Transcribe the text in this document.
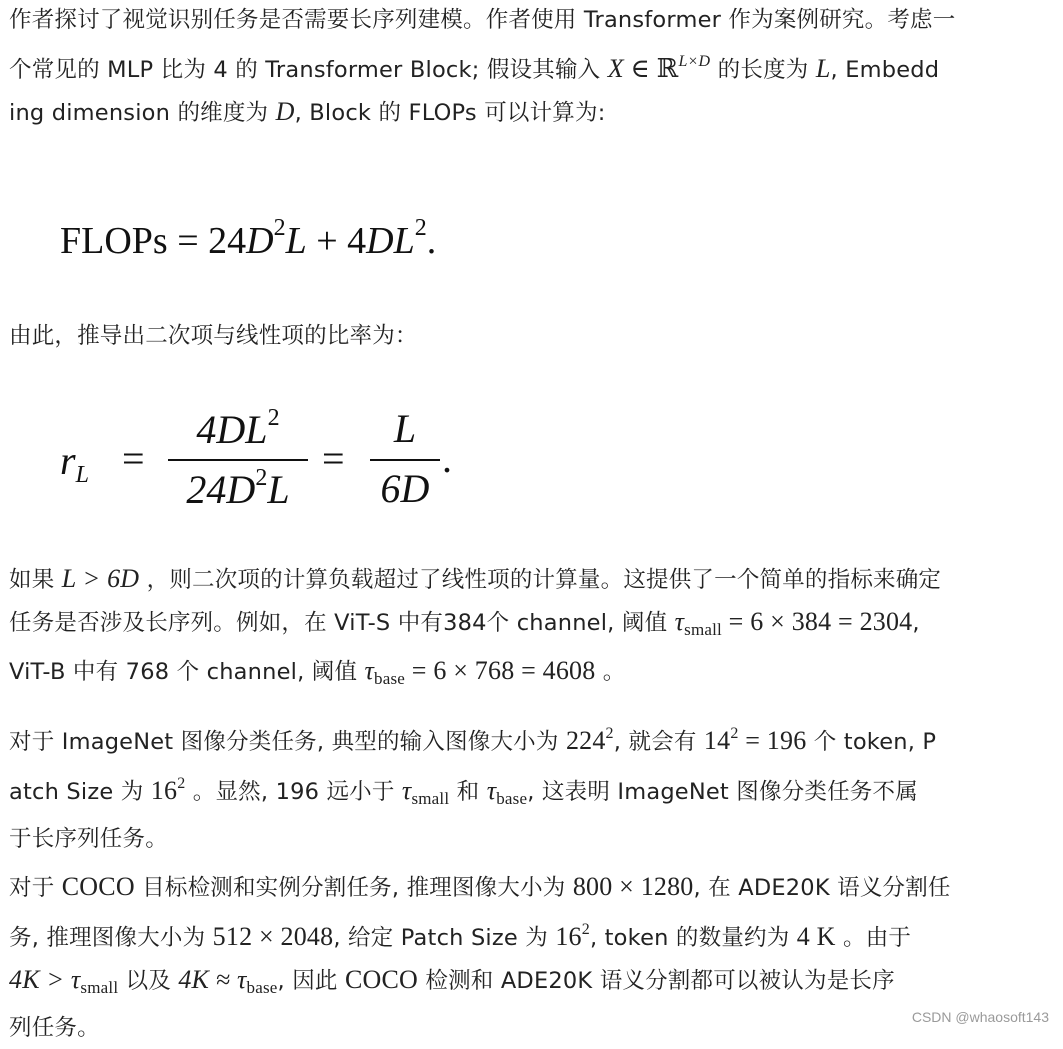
作者探讨了视觉识别任务是否需要长序列建模。作者使用 Transformer 作为案例研究。考虑一
个常见的 MLP 比为 4 的 Transformer Block; 假设其输入 X ∈ ℝ$^{L\times D}$ 的长度为 L, Embedd
ing dimension 的维度为 D, Block 的 FLOPs 可以计算为:
FLOPs = $24D^2L + 4DL^2$.
由此，推导出二次项与线性项的比率为：
$r_L$ =
$4DL^2$
$24D^2L$
=
L
6D
.
如果 L > 6D ，则二次项的计算负载超过了线性项的计算量。这提供了一个简单的指标来确定
任务是否涉及长序列。例如，在 ViT-S 中有384个 channel, 阈值 $\tau_{small} = 6 \times 384 = 2304$,
ViT-B 中有 768 个 channel, 阈值 $\tau_{base} = 6 \times 768 = 4608$ 。
对于 ImageNet 图像分类任务, 典型的输入图像大小为 $224^2$, 就会有 $14^2 = 196$ 个 token, P
atch Size 为 $16^2$ 。显然, 196 远小于 $\tau_{small}$ 和 $\tau_{base}$, 这表明 ImageNet 图像分类任务不属
于长序列任务。
对于 COCO 目标检测和实例分割任务, 推理图像大小为 800 × 1280, 在 ADE20K 语义分割任
务, 推理图像大小为 512 × 2048, 给定 Patch Size 为 $16^2$, token 的数量约为 4 K 。由于
$4K > \tau_{small}$ 以及 $4K \approx \tau_{base}$, 因此 COCO 检测和 ADE20K 语义分割都可以被认为是长序
列任务。	CSDN @whaosoft143
